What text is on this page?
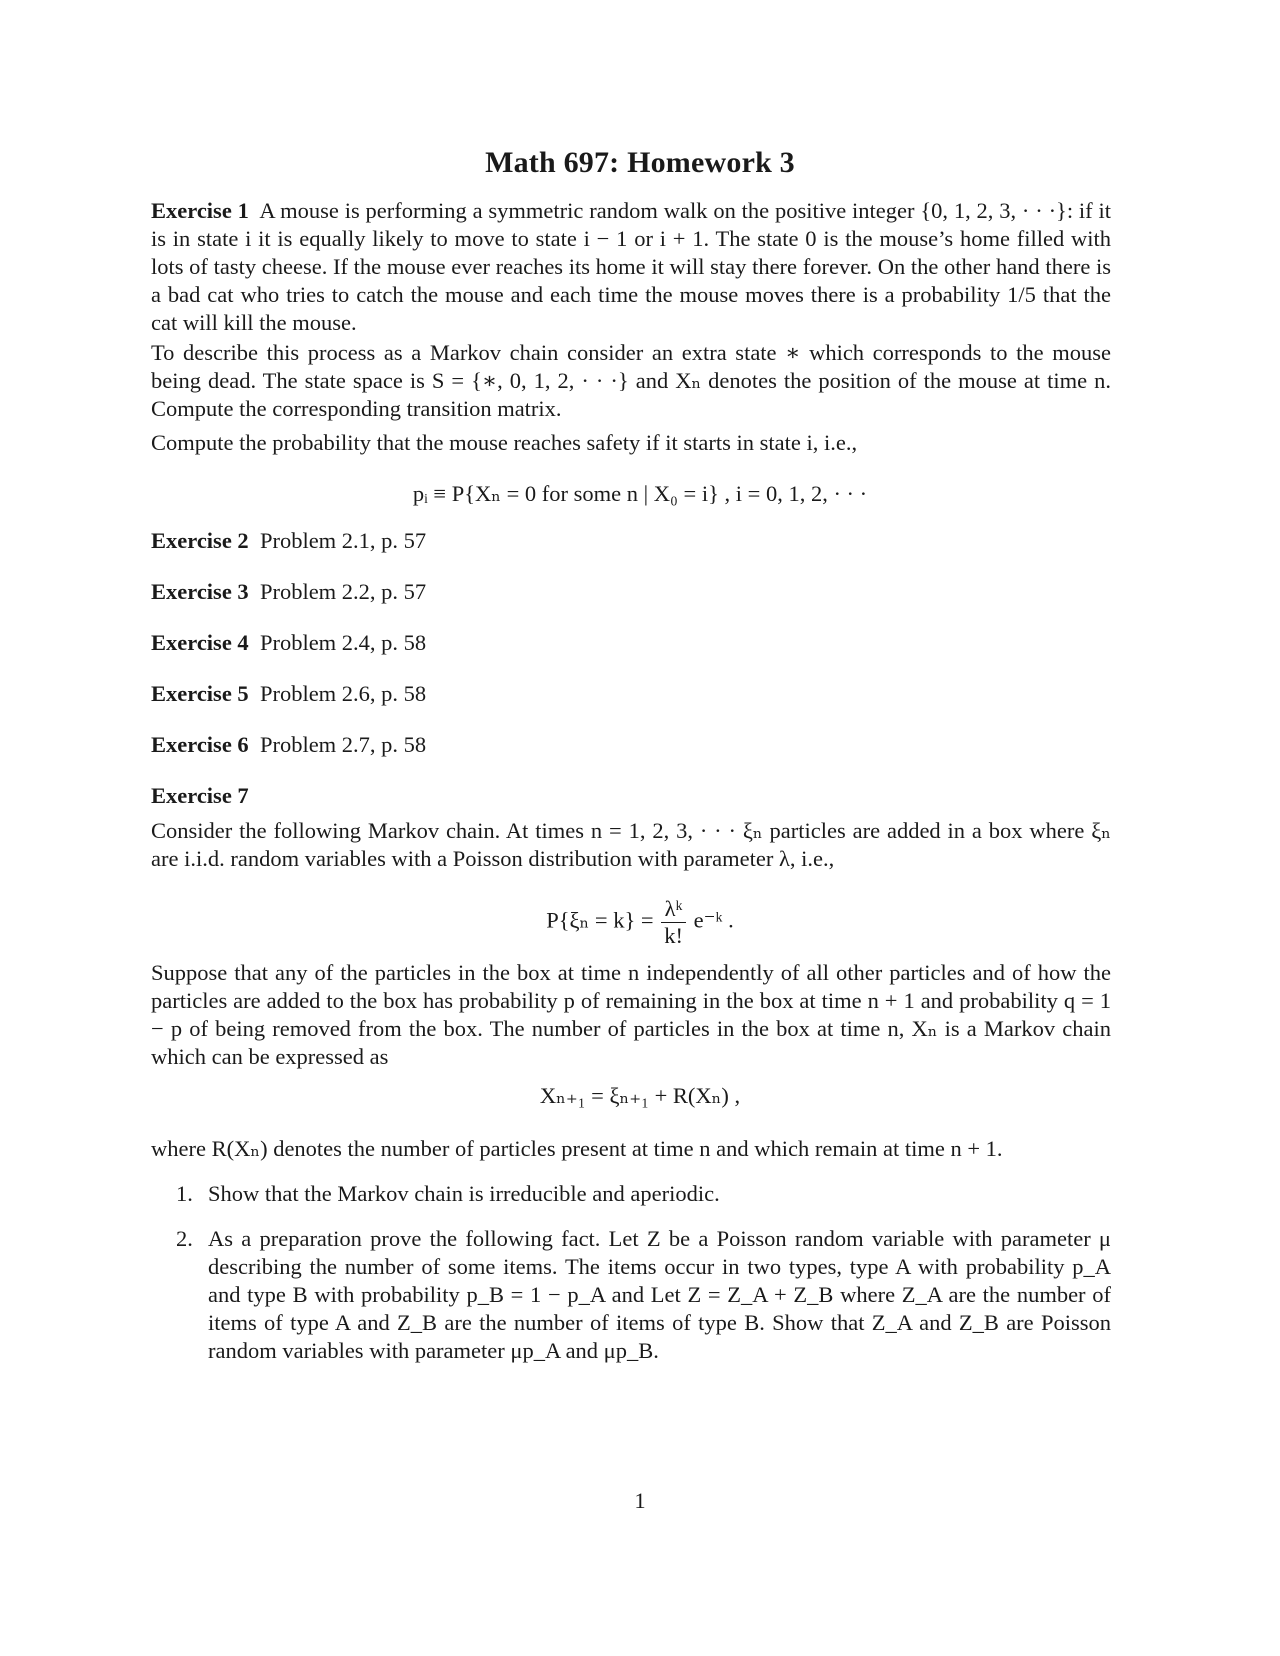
Math 697: Homework 3
Exercise 1 A mouse is performing a symmetric random walk on the positive integer {0, 1, 2, 3, · · ·}: if it is in state i it is equally likely to move to state i − 1 or i + 1. The state 0 is the mouse’s home filled with lots of tasty cheese. If the mouse ever reaches its home it will stay there forever. On the other hand there is a bad cat who tries to catch the mouse and each time the mouse moves there is a probability 1/5 that the cat will kill the mouse.
To describe this process as a Markov chain consider an extra state ∗ which corresponds to the mouse being dead. The state space is S = {∗, 0, 1, 2, · · ·} and Xₙ denotes the position of the mouse at time n. Compute the corresponding transition matrix.
Compute the probability that the mouse reaches safety if it starts in state i, i.e.,
pᵢ ≡ P{Xₙ = 0 for some n | X₀ = i} , i = 0, 1, 2, · · ·
Exercise 2 Problem 2.1, p. 57
Exercise 3 Problem 2.2, p. 57
Exercise 4 Problem 2.4, p. 58
Exercise 5 Problem 2.6, p. 58
Exercise 6 Problem 2.7, p. 58
Exercise 7
Consider the following Markov chain. At times n = 1, 2, 3, · · · ξₙ particles are added in a box where ξₙ are i.i.d. random variables with a Poisson distribution with parameter λ, i.e.,
$P\{\xi_n = k\} = \frac{\text{λᵏ}}{k!}$ e⁻ᵏ .
Suppose that any of the particles in the box at time n independently of all other particles and of how the particles are added to the box has probability p of remaining in the box at time n + 1 and probability q = 1 − p of being removed from the box. The number of particles in the box at time n, Xₙ is a Markov chain which can be expressed as
Xₙ₊₁ = ξₙ₊₁ + R(Xₙ) ,
where R(Xₙ) denotes the number of particles present at time n and which remain at time n + 1.
1. Show that the Markov chain is irreducible and aperiodic.
2. As a preparation prove the following fact. Let Z be a Poisson random variable with parameter μ describing the number of some items. The items occur in two types, type A with probability p_A and type B with probability p_B = 1 − p_A and Let Z = Z_A + Z_B where Z_A are the number of items of type A and Z_B are the number of items of type B. Show that Z_A and Z_B are Poisson random variables with parameter μp_A and μp_B.
1
